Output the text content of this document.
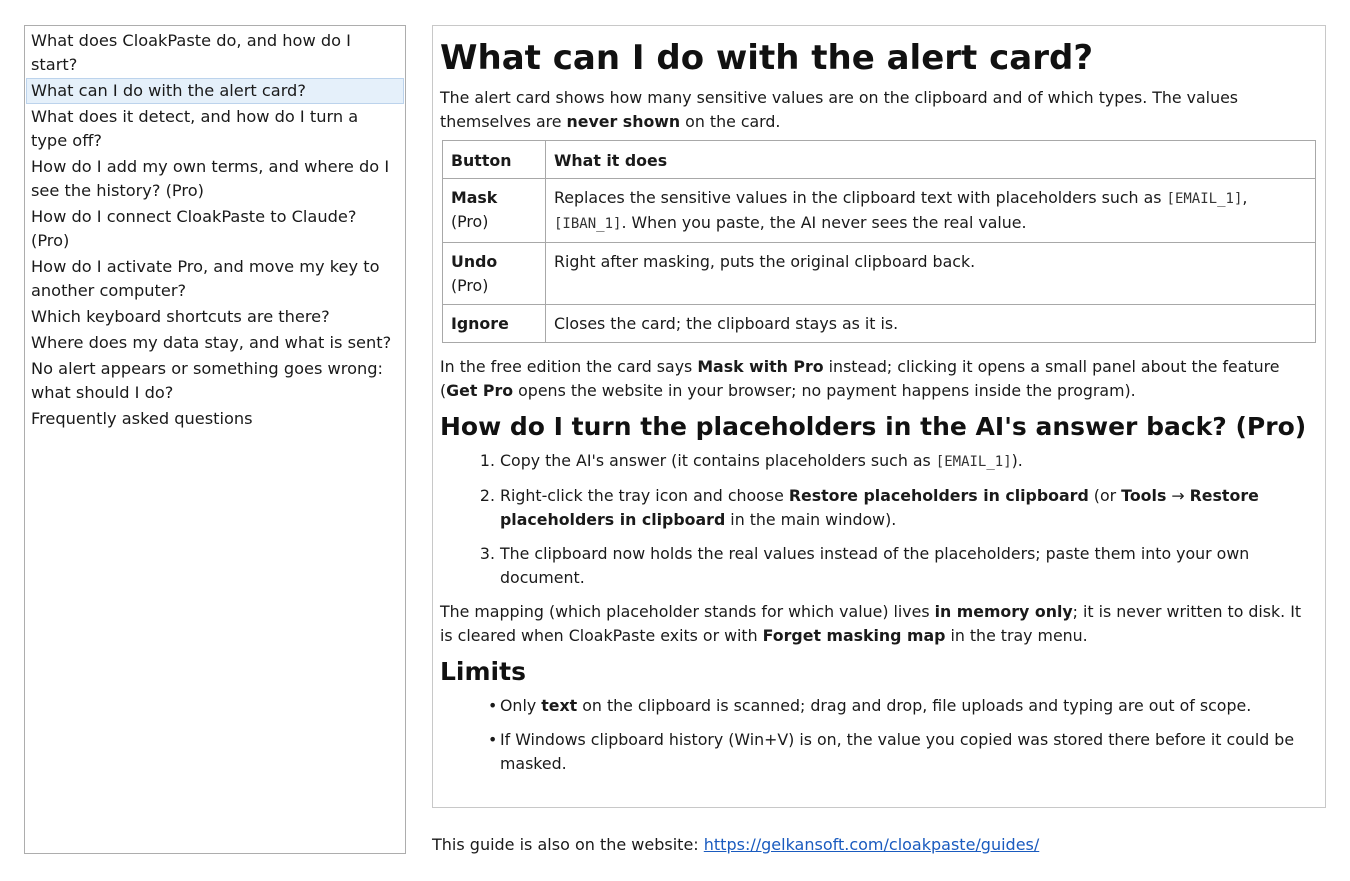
What does CloakPaste do, and how do I start?
What can I do with the alert card?
What does it detect, and how do I turn a type off?
How do I add my own terms, and where do I see the history? (Pro)
How do I connect CloakPaste to Claude? (Pro)
How do I activate Pro, and move my key to another computer?
Which keyboard shortcuts are there?
Where does my data stay, and what is sent?
No alert appears or something goes wrong: what should I do?
Frequently asked questions
What can I do with the alert card?

The alert card shows how many sensitive values are on the clipboard and of which types. The values themselves are never shown on the card.

Button	What it does
Mask (Pro)	Replaces the sensitive values in the clipboard text with placeholders such as [EMAIL_1], [IBAN_1]. When you paste, the AI never sees the real value.
Undo (Pro)	Right after masking, puts the original clipboard back.
Ignore	Closes the card; the clipboard stays as it is.

In the free edition the card says Mask with Pro instead; clicking it opens a small panel about the feature (Get Pro opens the website in your browser; no payment happens inside the program).

How do I turn the placeholders in the AI's answer back? (Pro)
1. Copy the AI's answer (it contains placeholders such as [EMAIL_1]).
2. Right-click the tray icon and choose Restore placeholders in clipboard (or Tools → Restore placeholders in clipboard in the main window).
3. The clipboard now holds the real values instead of the placeholders; paste them into your own document.

The mapping (which placeholder stands for which value) lives in memory only; it is never written to disk. It is cleared when CloakPaste exits or with Forget masking map in the tray menu.

Limits
• Only text on the clipboard is scanned; drag and drop, file uploads and typing are out of scope.
• If Windows clipboard history (Win+V) is on, the value you copied was stored there before it could be masked.
This guide is also on the website: https://gelkansoft.com/cloakpaste/guides/
